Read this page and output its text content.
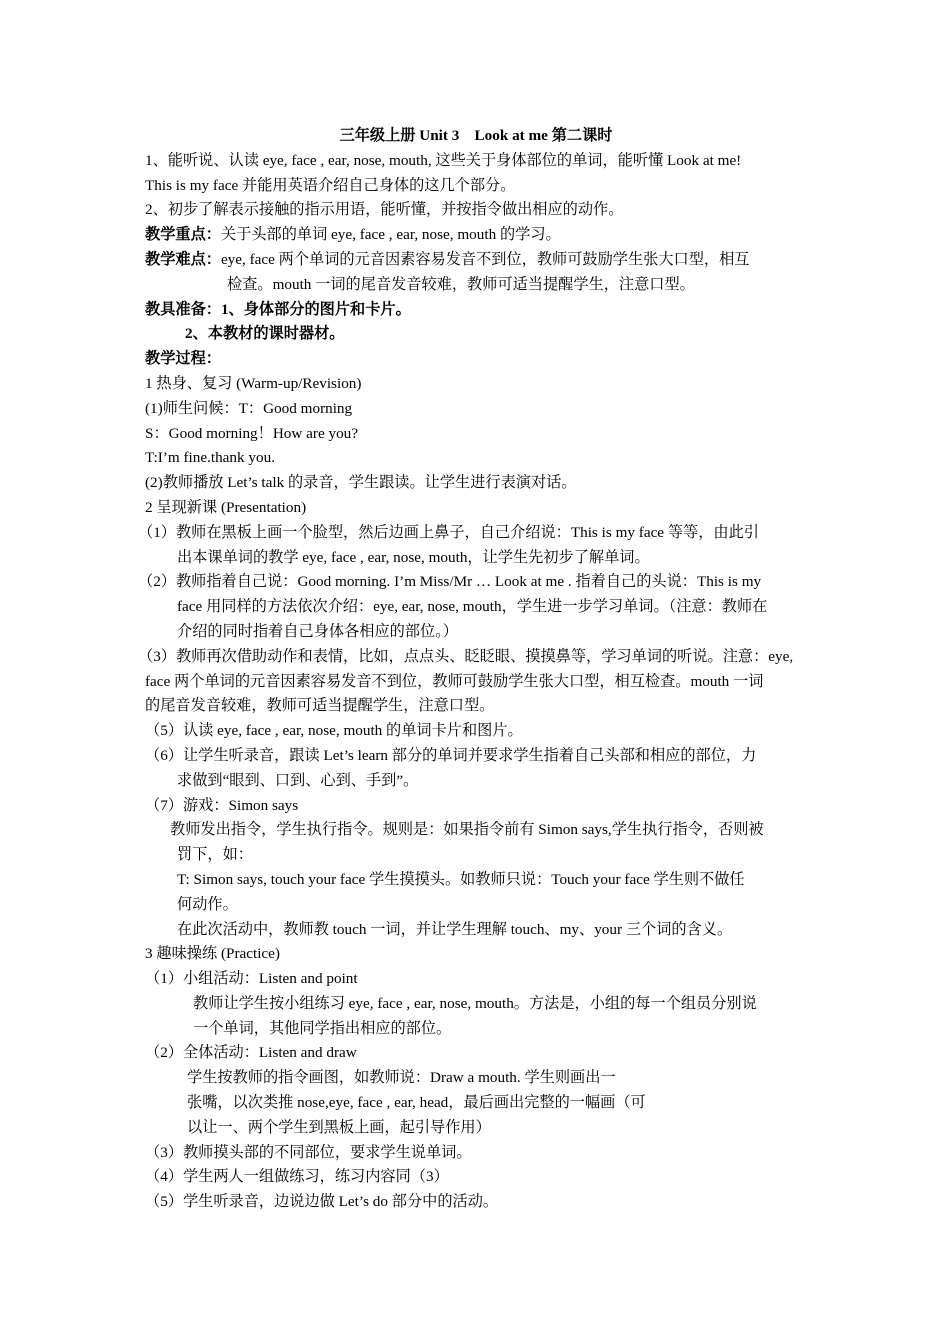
三年级上册 Unit 3　Look at me 第二课时
1、能听说、认读 eye, face , ear, nose, mouth, 这些关于身体部位的单词，能听懂 Look at me!
This is my face 并能用英语介绍自己身体的这几个部分。
2、初步了解表示接触的指示用语，能听懂，并按指令做出相应的动作。
教学重点：关于头部的单词 eye, face , ear, nose, mouth 的学习。
教学难点：eye, face 两个单词的元音因素容易发音不到位，教师可鼓励学生张大口型，相互
检查。mouth 一词的尾音发音较难，教师可适当提醒学生，注意口型。
教具准备：1、身体部分的图片和卡片。
2、本教材的课时器材。
教学过程：
1 热身、复习 (Warm-up/Revision)
(1)师生问候：T：Good morning
S：Good morning！How are you?
T:I’m fine.thank you.
(2)教师播放 Let’s talk 的录音，学生跟读。让学生进行表演对话。
2 呈现新课 (Presentation)
（1）教师在黑板上画一个脸型，然后边画上鼻子，自己介绍说：This is my face 等等，由此引
出本课单词的教学 eye, face , ear, nose, mouth，让学生先初步了解单词。
（2）教师指着自己说：Good morning. I’m Miss/Mr … Look at me . 指着自己的头说：This is my
face 用同样的方法依次介绍：eye, ear, nose, mouth，学生进一步学习单词。（注意：教师在
介绍的同时指着自己身体各相应的部位。）
（3）教师再次借助动作和表情，比如，点点头、眨眨眼、摸摸鼻等，学习单词的听说。注意：eye,
face 两个单词的元音因素容易发音不到位，教师可鼓励学生张大口型，相互检查。mouth 一词
的尾音发音较难，教师可适当提醒学生，注意口型。
（5）认读 eye, face , ear, nose, mouth 的单词卡片和图片。
（6）让学生听录音，跟读 Let’s learn 部分的单词并要求学生指着自己头部和相应的部位，力
求做到“眼到、口到、心到、手到”。
（7）游戏：Simon says
教师发出指令，学生执行指令。规则是：如果指令前有 Simon says,学生执行指令，否则被
罚下，如：
T: Simon says, touch your face 学生摸摸头。如教师只说：Touch your face 学生则不做任
何动作。
在此次活动中，教师教 touch 一词，并让学生理解 touch、my、your 三个词的含义。
3 趣味操练 (Practice)
（1）小组活动：Listen and point
教师让学生按小组练习 eye, face , ear, nose, mouth。方法是，小组的每一个组员分别说
一个单词，其他同学指出相应的部位。
（2）全体活动：Listen and draw
学生按教师的指令画图，如教师说：Draw a mouth. 学生则画出一
张嘴，以次类推 nose,eye, face , ear, head，最后画出完整的一幅画（可
以让一、两个学生到黑板上画，起引导作用）
（3）教师摸头部的不同部位，要求学生说单词。
（4）学生两人一组做练习，练习内容同（3）
（5）学生听录音，边说边做 Let’s do 部分中的活动。
